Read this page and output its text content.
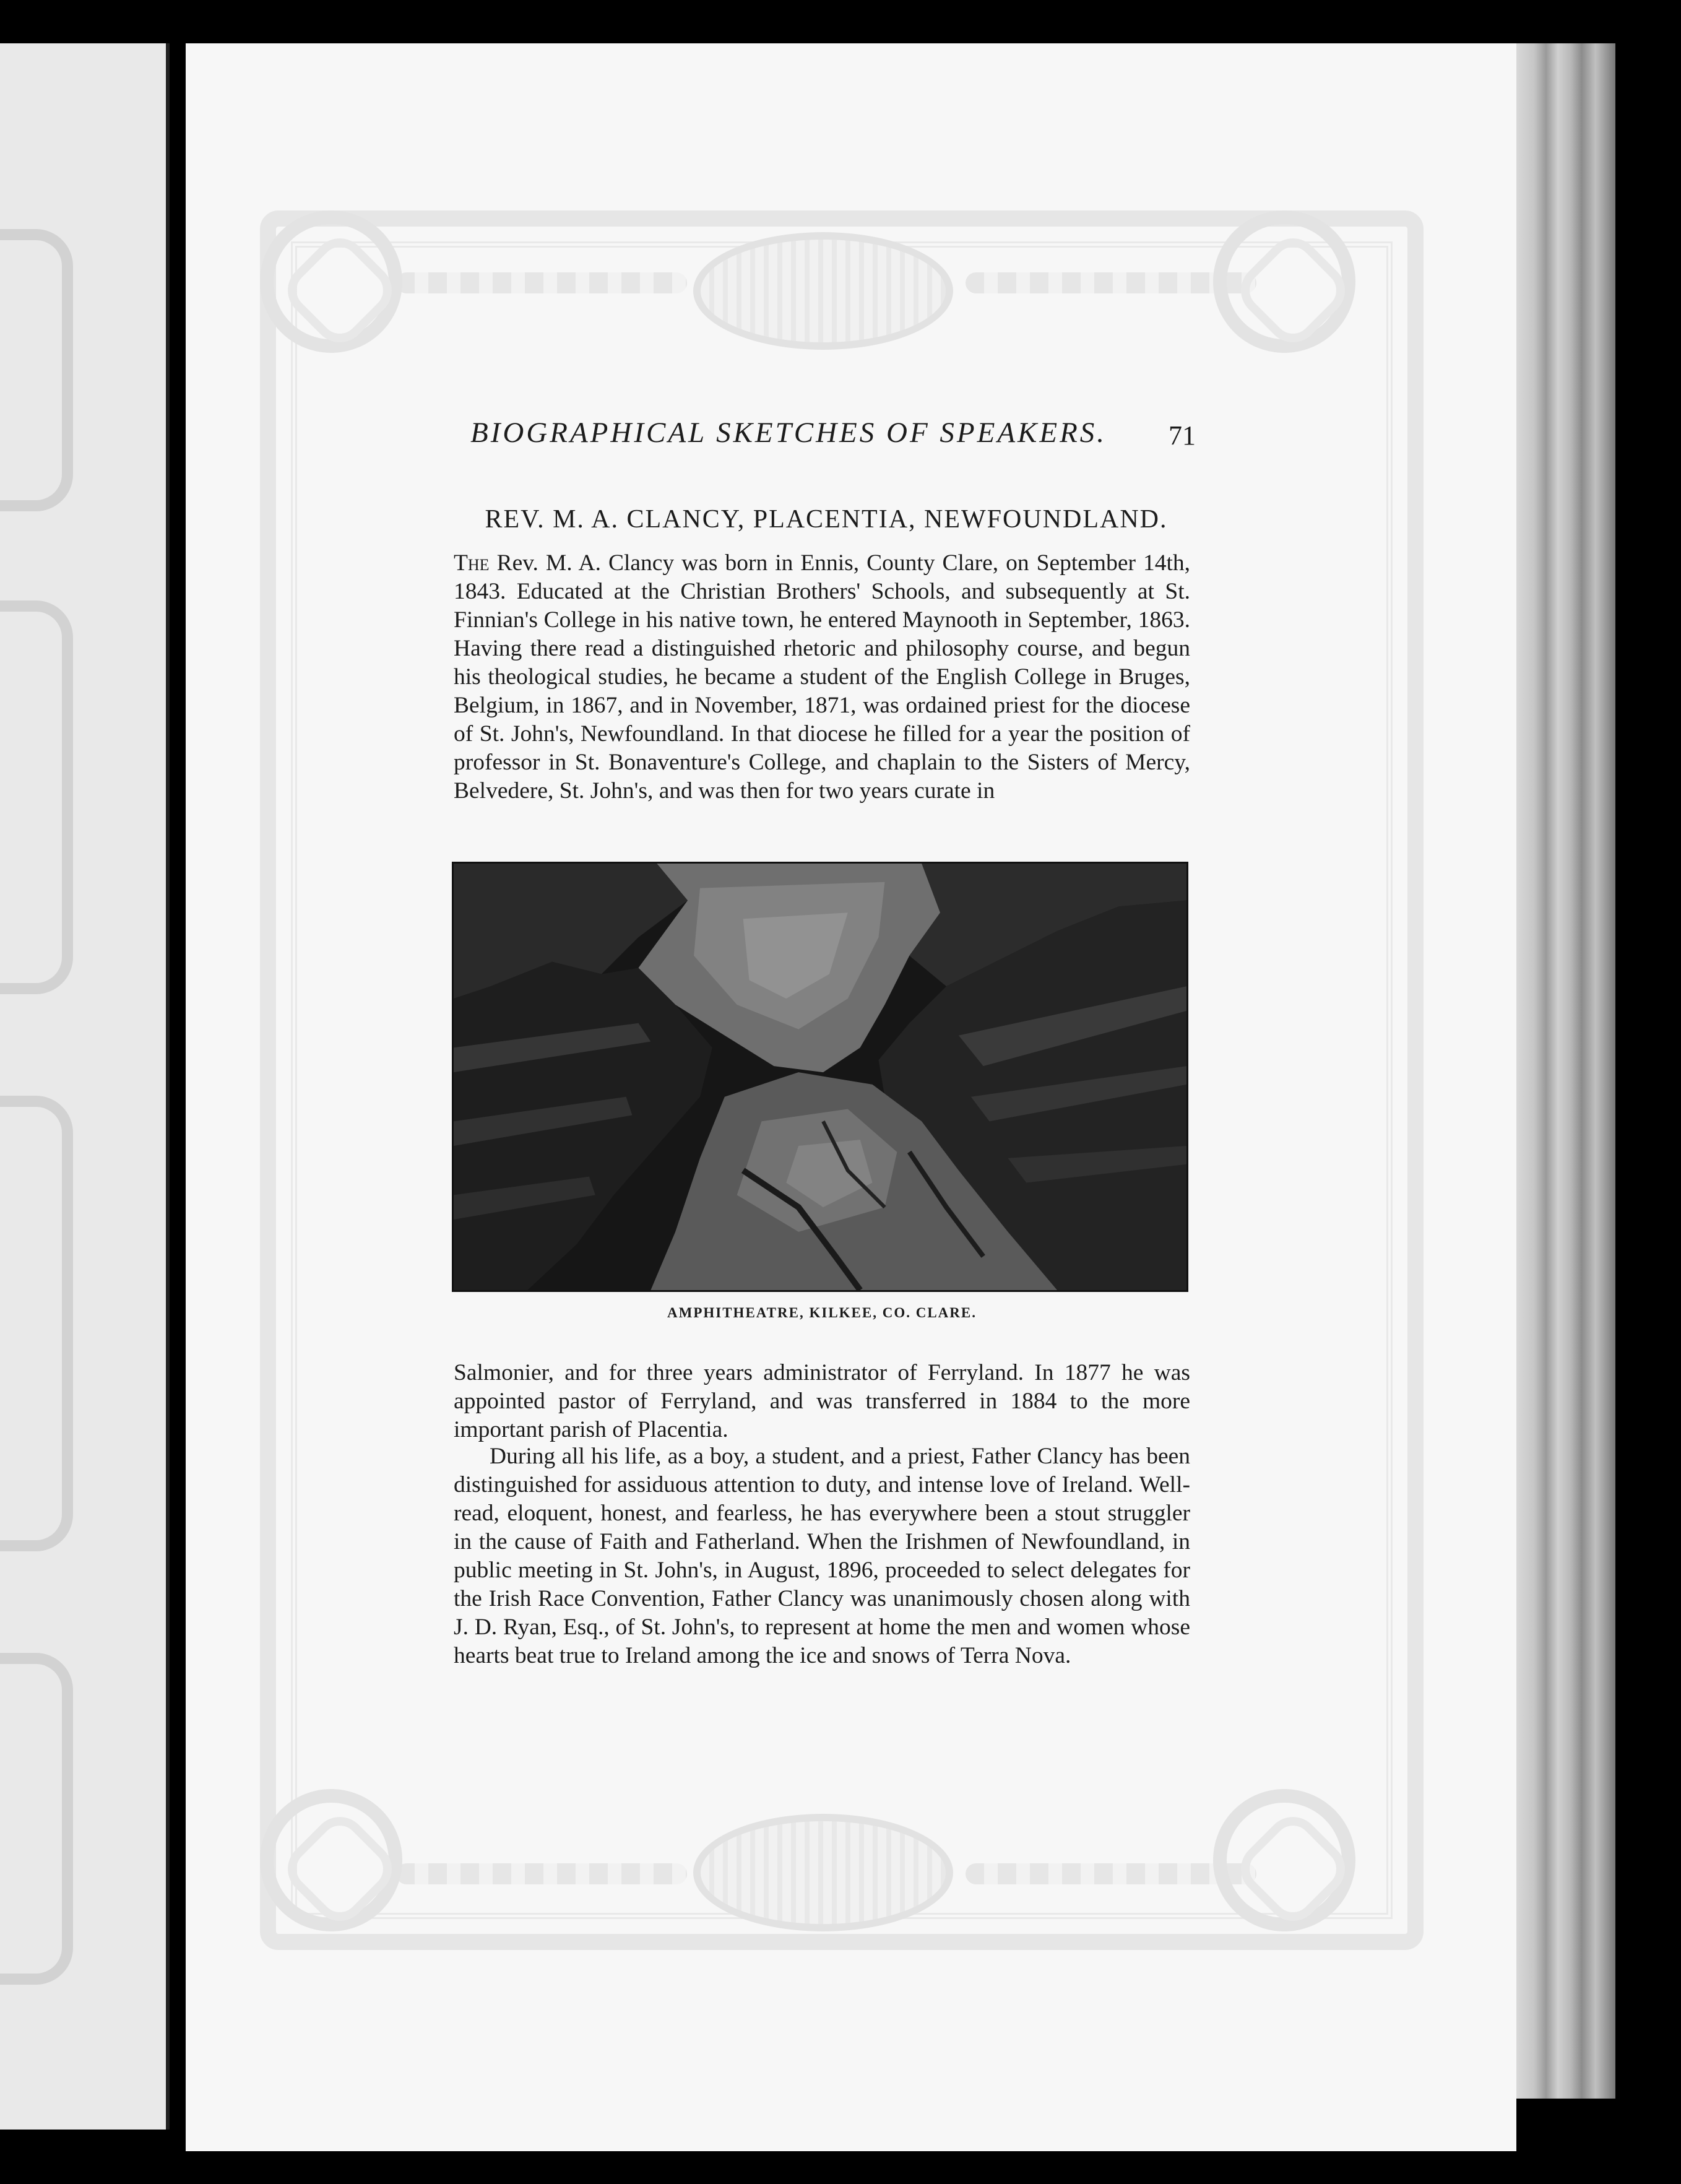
BIOGRAPHICAL SKETCHES OF SPEAKERS.	71
REV. M. A. CLANCY, PLACENTIA, NEWFOUNDLAND.

The Rev. M. A. Clancy was born in Ennis, County Clare, on September 14th, 1843. Educated at the Christian Brothers' Schools, and subsequently at St. Finnian's College in his native town, he entered Maynooth in September, 1863. Having there read a distinguished rhetoric and philosophy course, and begun his theological studies, he became a student of the English College in Bruges, Belgium, in 1867, and in November, 1871, was ordained priest for the diocese of St. John's, Newfoundland. In that diocese he filled for a year the position of professor in St. Bonaventure's College, and chaplain to the Sisters of Mercy, Belvedere, St. John's, and was then for two years curate in

AMPHITHEATRE, KILKEE, CO. CLARE.

Salmonier, and for three years administrator of Ferryland. In 1877 he was appointed pastor of Ferryland, and was transferred in 1884 to the more important parish of Placentia.

During all his life, as a boy, a student, and a priest, Father Clancy has been distinguished for assiduous attention to duty, and intense love of Ireland. Well-read, eloquent, honest, and fearless, he has everywhere been a stout struggler in the cause of Faith and Fatherland. When the Irishmen of Newfoundland, in public meeting in St. John's, in August, 1896, proceeded to select delegates for the Irish Race Convention, Father Clancy was unanimously chosen along with J. D. Ryan, Esq., of St. John's, to represent at home the men and women whose hearts beat true to Ireland among the ice and snows of Terra Nova.
